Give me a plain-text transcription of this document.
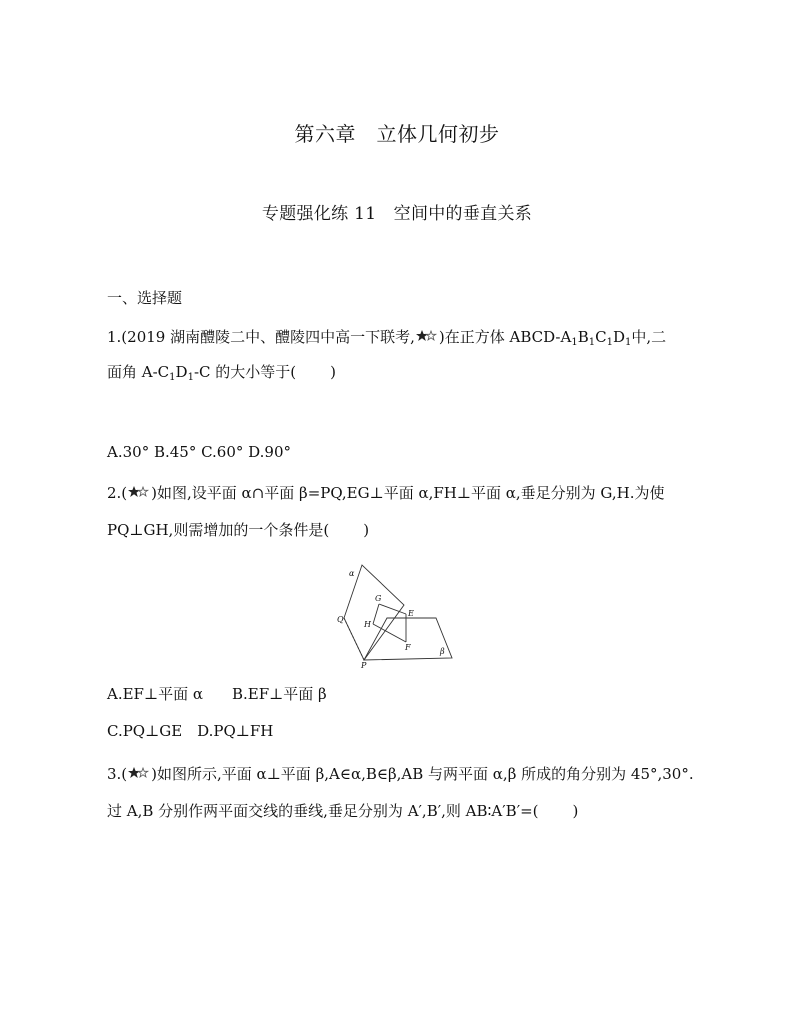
第六章　立体几何初步
专题强化练 11　空间中的垂直关系
一、选择题
1.(2019 湖南醴陵二中、醴陵四中高一下联考, )在正方体 ABCD-$A_1B_1C_1D_1$中,二
面角 $A-C_1D_1-C$ 的大小等于( )
A.30° B.45° C.60° D.90°
2.( )如图,设平面 α∩平面 β=PQ,EG⊥平面 α,FH⊥平面 α,垂足分别为 G,H.为使
PQ⊥GH,则需增加的一个条件是( )
α
β
G
E
Q
H
F
P
A.EF⊥平面 α B.EF⊥平面 β
C.PQ⊥GE　D.PQ⊥FH
3.( )如图所示,平面 α⊥平面 β,A∈α,B∈β,AB 与两平面 α,β 所成的角分别为 45°,30°.
过 A,B 分别作两平面交线的垂线,垂足分别为 A′,B′,则 AB∶A′B′=( )
